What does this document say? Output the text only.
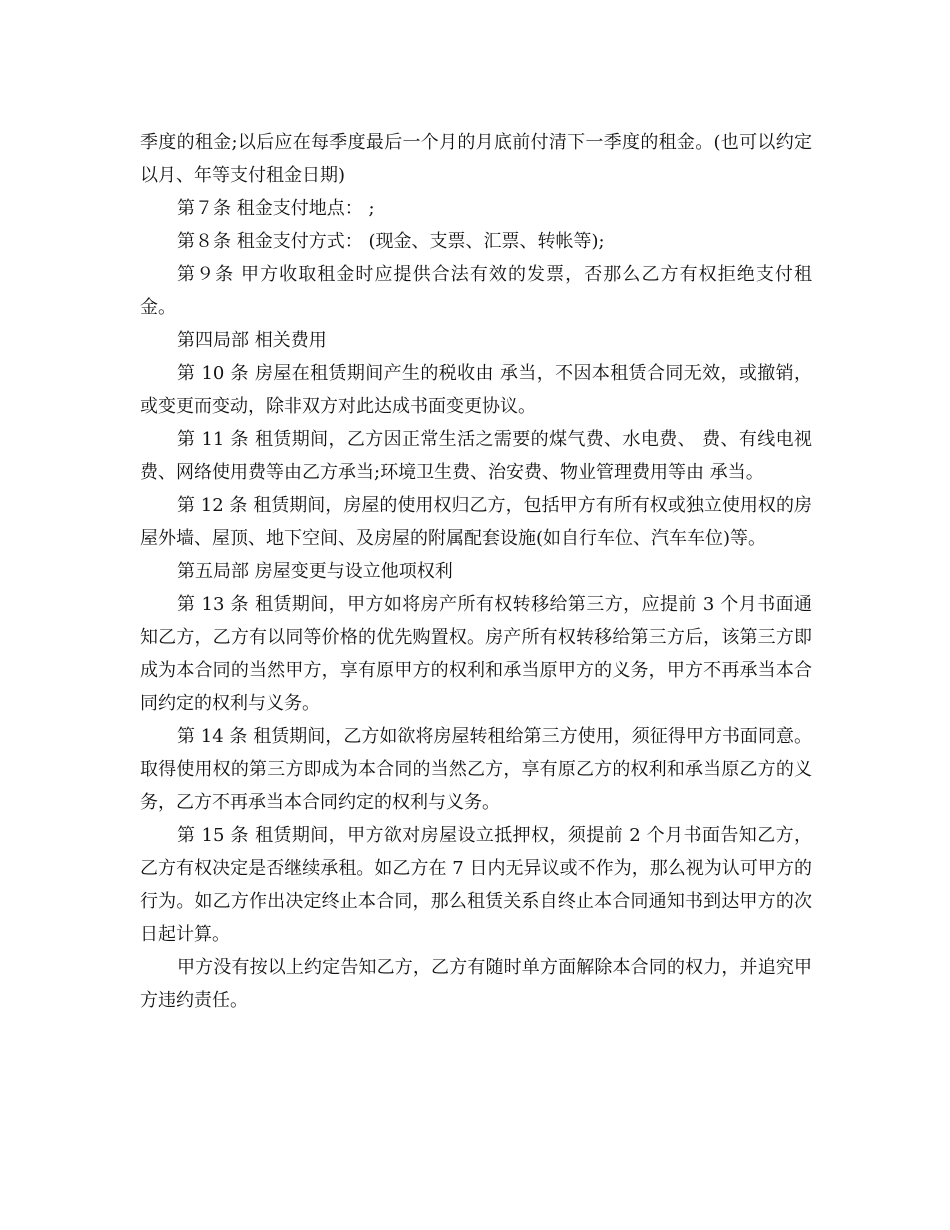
季度的租金;以后应在每季度最后一个月的月底前付清下一季度的租金。(也可以约定以月、年等支付租金日期)

第７条 租金支付地点： ;

第８条 租金支付方式： (现金、支票、汇票、转帐等);

第９条 甲方收取租金时应提供合法有效的发票，否那么乙方有权拒绝支付租金。

第四局部 相关费用

第 10 条 房屋在租赁期间产生的税收由 承当，不因本租赁合同无效，或撤销，或变更而变动，除非双方对此达成书面变更协议。

第 11 条 租赁期间，乙方因正常生活之需要的煤气费、水电费、 费、有线电视费、网络使用费等由乙方承当;环境卫生费、治安费、物业管理费用等由 承当。

第 12 条 租赁期间，房屋的使用权归乙方，包括甲方有所有权或独立使用权的房屋外墙、屋顶、地下空间、及房屋的附属配套设施(如自行车位、汽车车位)等。

第五局部 房屋变更与设立他项权利

第 13 条 租赁期间，甲方如将房产所有权转移给第三方，应提前 3 个月书面通知乙方，乙方有以同等价格的优先购置权。房产所有权转移给第三方后，该第三方即成为本合同的当然甲方，享有原甲方的权利和承当原甲方的义务，甲方不再承当本合同约定的权利与义务。

第 14 条 租赁期间，乙方如欲将房屋转租给第三方使用，须征得甲方书面同意。取得使用权的第三方即成为本合同的当然乙方，享有原乙方的权利和承当原乙方的义务，乙方不再承当本合同约定的权利与义务。

第 15 条 租赁期间，甲方欲对房屋设立抵押权，须提前 2 个月书面告知乙方，乙方有权决定是否继续承租。如乙方在 7 日内无异议或不作为，那么视为认可甲方的行为。如乙方作出决定终止本合同，那么租赁关系自终止本合同通知书到达甲方的次日起计算。

甲方没有按以上约定告知乙方，乙方有随时单方面解除本合同的权力，并追究甲方违约责任。
